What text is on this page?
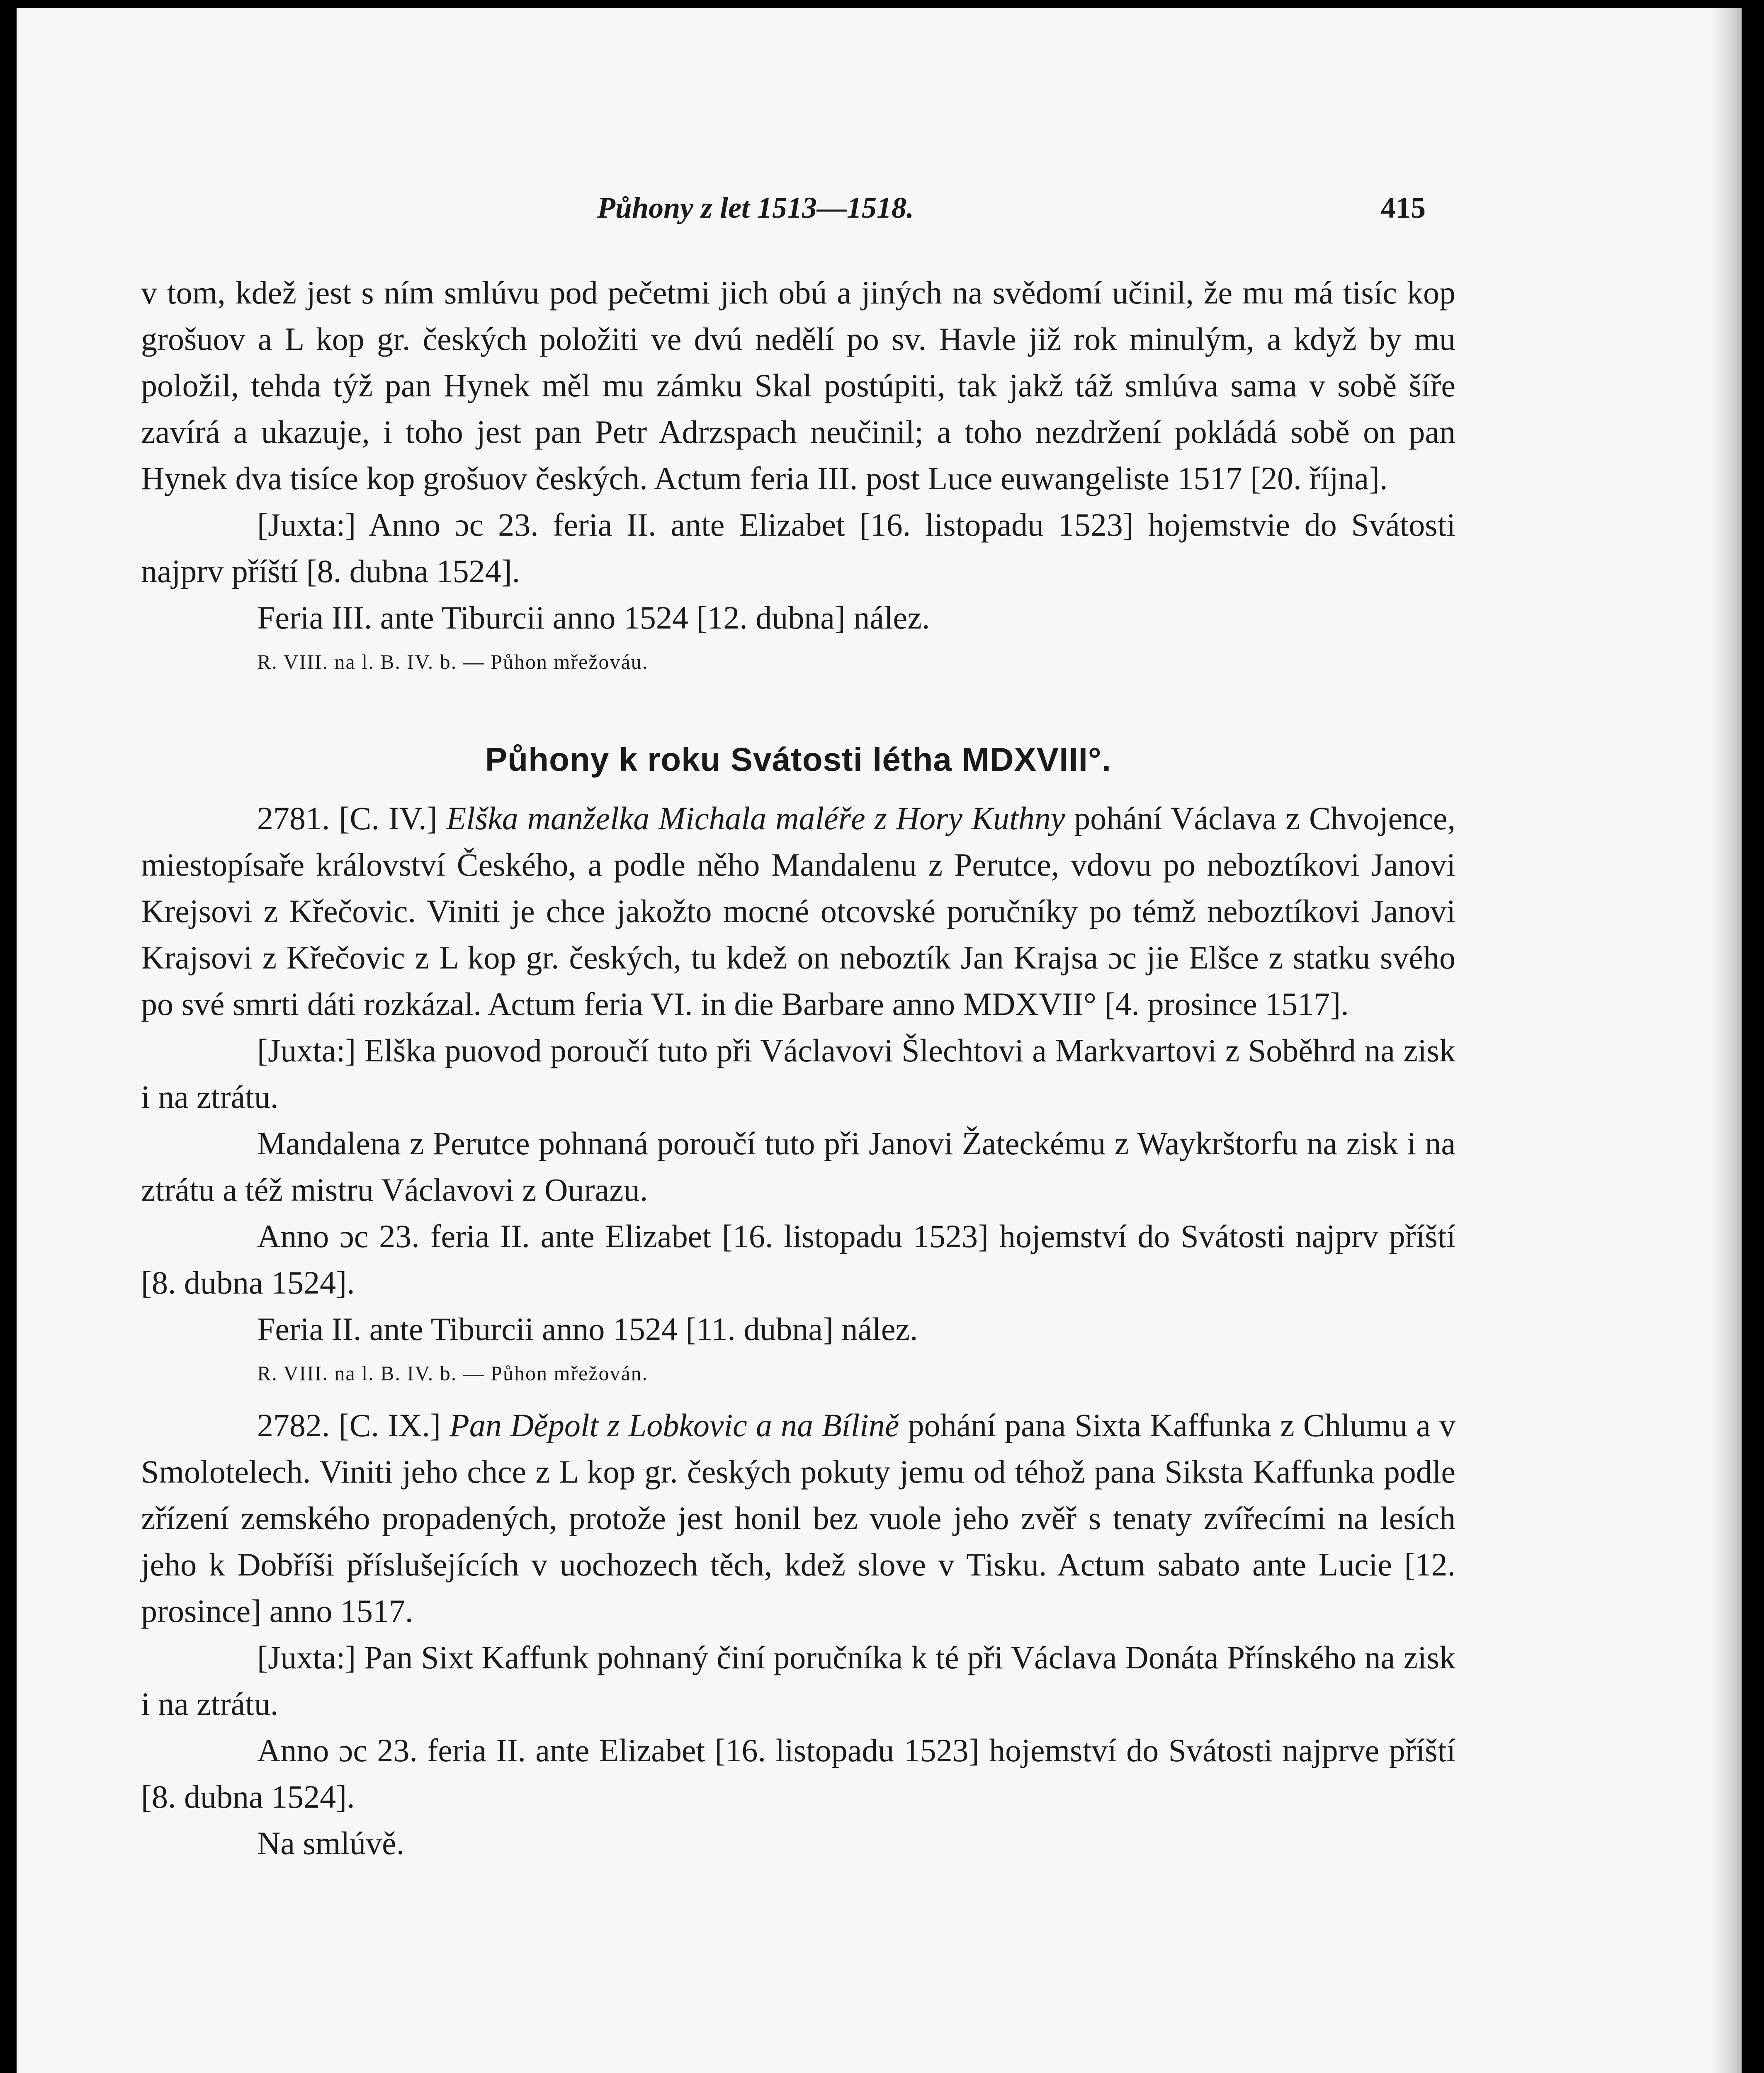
Půhony z let 1513—1518.	415

v tom, kdež jest s ním smlúvu pod pečetmi jich obú a jiných na svědomí učinil, že mu má tisíc kop grošuov a L kop gr. českých položiti ve dvú nedělí po sv. Havle již rok minulým, a když by mu položil, tehda týž pan Hynek měl mu zámku Skal postúpiti, tak jakž táž smlúva sama v sobě šíře zavírá a ukazuje, i toho jest pan Petr Adrzspach neučinil; a toho nezdržení pokládá sobě on pan Hynek dva tisíce kop grošuov českých. Actum feria III. post Luce euwangeliste 1517 [20. října].

[Juxta:] Anno ɔc 23. feria II. ante Elizabet [16. listopadu 1523] hojemstvie do Svátosti najprv příští [8. dubna 1524].

Feria III. ante Tiburcii anno 1524 [12. dubna] nález.

R. VIII. na l. B. IV. b. — Půhon mřežováu.

Půhony k roku Svátosti létha MDXVIII°.

2781. [C. IV.] Elška manželka Michala maléře z Hory Kuthny pohání Václava z Chvojence, miestopísaře království Českého, a podle něho Mandalenu z Perutce, vdovu po neboztíkovi Janovi Krejsovi z Křečovic. Viniti je chce jakožto mocné otcovské poručníky po témž neboztíkovi Janovi Krajsovi z Křečovic z L kop gr. českých, tu kdež on neboztík Jan Krajsa ɔc jie Elšce z statku svého po své smrti dáti rozkázal. Actum feria VI. in die Barbare anno MDXVII° [4. prosince 1517].

[Juxta:] Elška puovod poroučí tuto při Václavovi Šlechtovi a Markvartovi z Soběhrd na zisk i na ztrátu.

Mandalena z Perutce pohnaná poroučí tuto při Janovi Žateckému z Waykrštorfu na zisk i na ztrátu a též mistru Václavovi z Ourazu.

Anno ɔc 23. feria II. ante Elizabet [16. listopadu 1523] hojemství do Svátosti najprv příští [8. dubna 1524].

Feria II. ante Tiburcii anno 1524 [11. dubna] nález.

R. VIII. na l. B. IV. b. — Půhon mřežován.

2782. [C. IX.] Pan Děpolt z Lobkovic a na Bílině pohání pana Sixta Kaffunka z Chlumu a v Smolotelech. Viniti jeho chce z L kop gr. českých pokuty jemu od téhož pana Siksta Kaffunka podle zřízení zemského propadených, protože jest honil bez vuole jeho zvěř s tenaty zvířecími na lesích jeho k Dobříši příslušejících v uochozech těch, kdež slove v Tisku. Actum sabato ante Lucie [12. prosince] anno 1517.

[Juxta:] Pan Sixt Kaffunk pohnaný činí poručníka k té při Václava Donáta Přínského na zisk i na ztrátu.

Anno ɔc 23. feria II. ante Elizabet [16. listopadu 1523] hojemství do Svátosti najprve příští [8. dubna 1524].

Na smlúvě.
